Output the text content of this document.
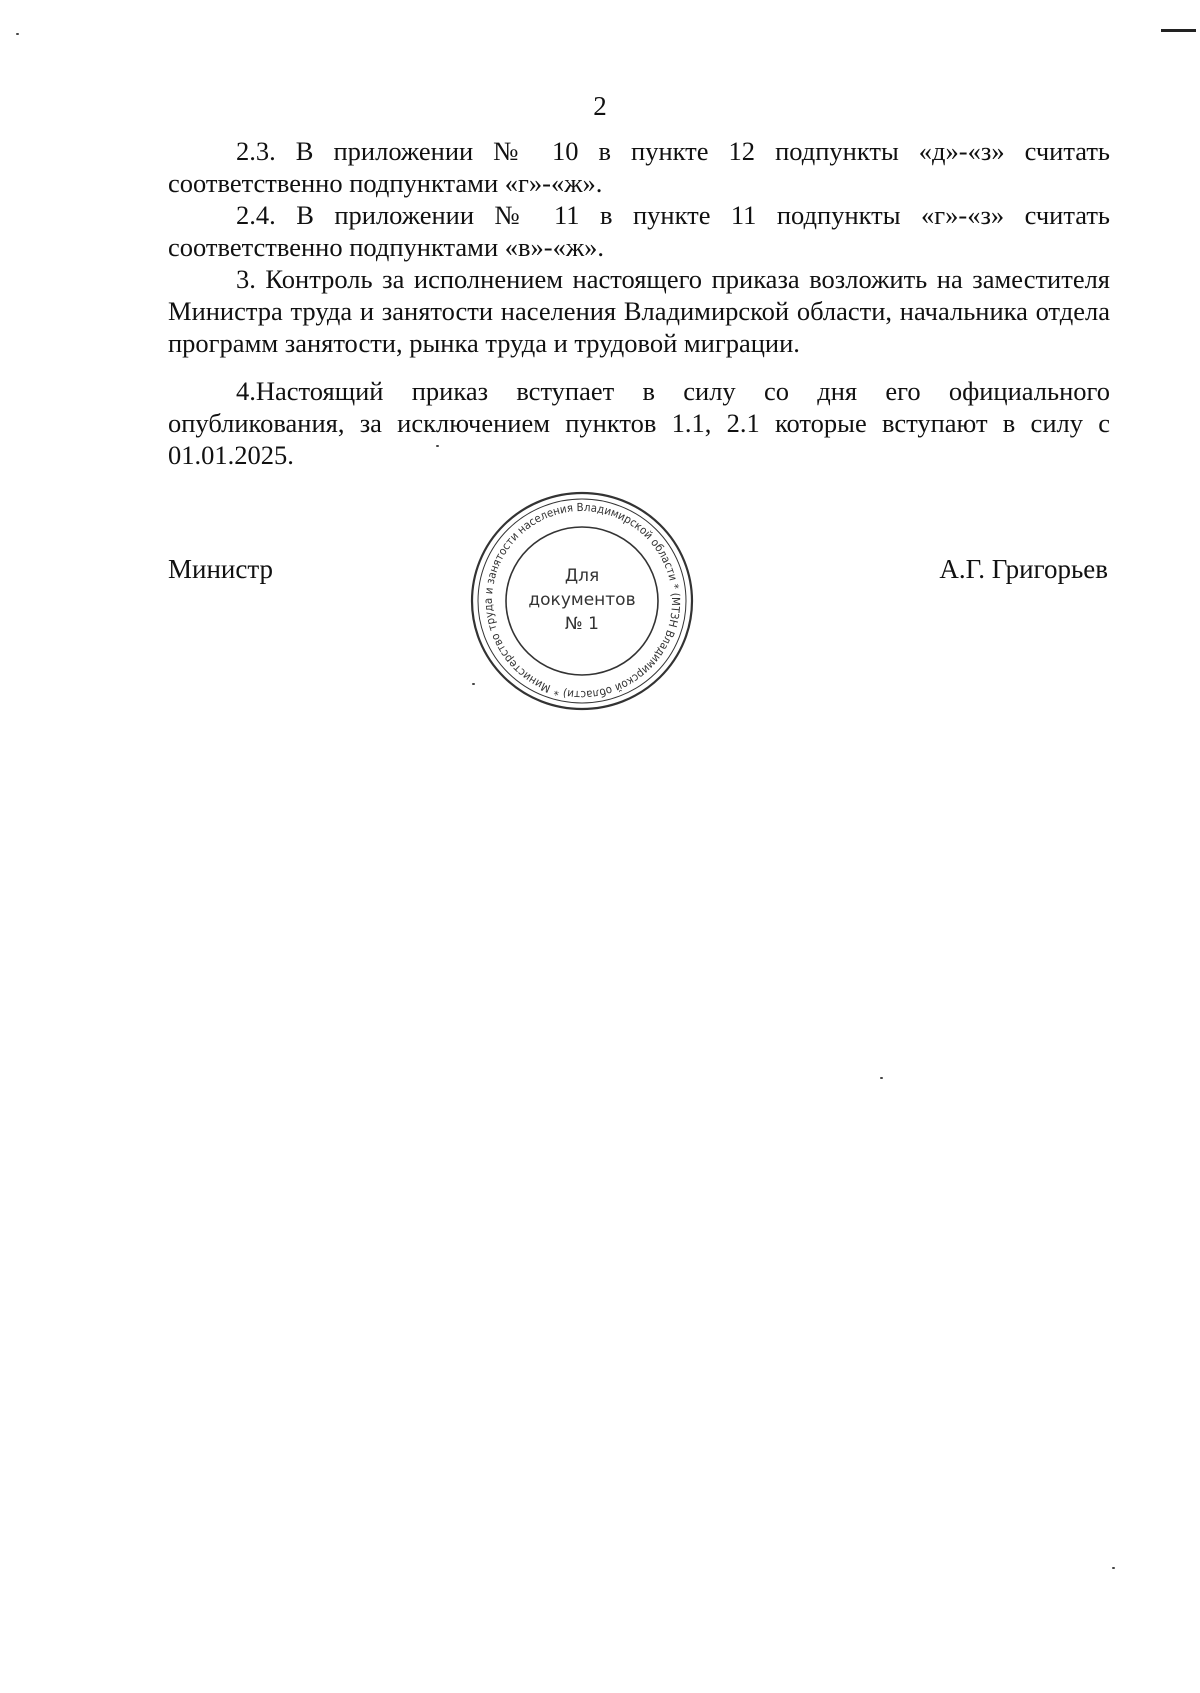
2

2.3. В приложении № 10 в пункте 12 подпункты «д»-«з» считать соответственно подпунктами «г»-«ж».

2.4. В приложении № 11 в пункте 11 подпункты «г»-«з» считать соответственно подпунктами «в»-«ж».

3. Контроль за исполнением настоящего приказа возложить на заместителя Министра труда и занятости населения Владимирской области, начальника отдела программ занятости, рынка труда и трудовой миграции.

4.Настоящий приказ вступает в силу со дня его официального опубликования, за исключением пунктов 1.1, 2.1 которые вступают в силу с 01.01.2025.

Министр	А.Г. Григорьев
Министерство труда и занятости населения Владимирской области * (МТЗН Владимирской области) *
Для
документов
№ 1
